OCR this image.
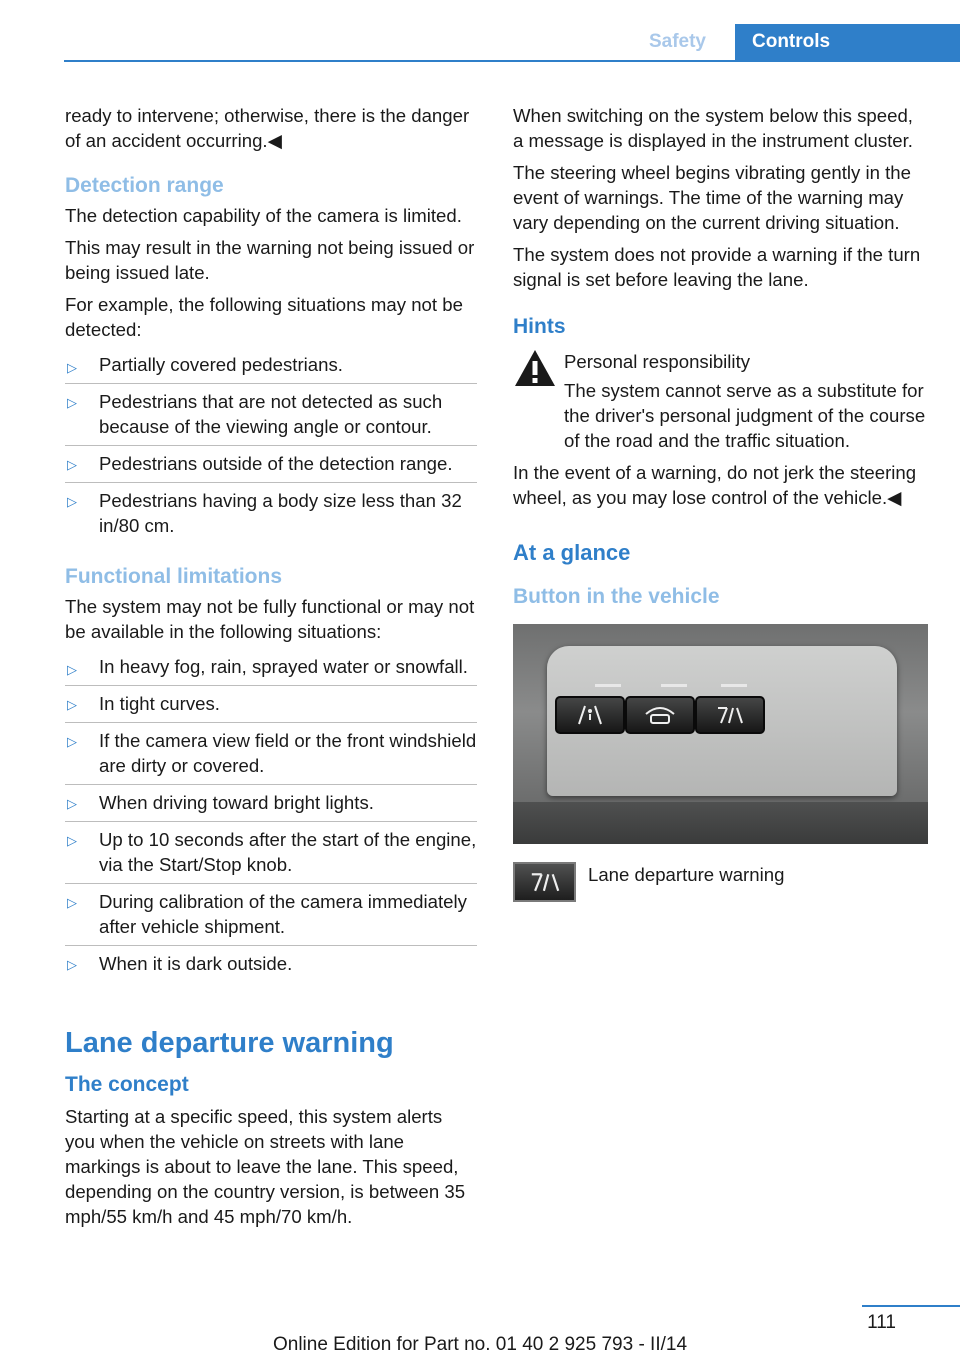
Safety	Controls

ready to intervene; otherwise, there is the danger of an accident occurring.◀

Detection range

The detection capability of the camera is limited.

This may result in the warning not being issued or being issued late.

For example, the following situations may not be detected:

▷ Partially covered pedestrians.
▷ Pedestrians that are not detected as such because of the viewing angle or contour.
▷ Pedestrians outside of the detection range.
▷ Pedestrians having a body size less than 32 in/80 cm.
Functional limitations

The system may not be fully functional or may not be available in the following situations:

▷ In heavy fog, rain, sprayed water or snowfall.
▷ In tight curves.
▷ If the camera view field or the front windshield are dirty or covered.
▷ When driving toward bright lights.
▷ Up to 10 seconds after the start of the engine, via the Start/Stop knob.
▷ During calibration of the camera immediately after vehicle shipment.
▷ When it is dark outside.
Lane departure warning
The concept

Starting at a specific speed, this system alerts you when the vehicle on streets with lane markings is about to leave the lane. This speed, depending on the country version, is between 35 mph/55 km/h and 45 mph/70 km/h.

When switching on the system below this speed, a message is displayed in the instrument cluster.

The steering wheel begins vibrating gently in the event of warnings. The time of the warning may vary depending on the current driving situation.

The system does not provide a warning if the turn signal is set before leaving the lane.

Hints
Personal responsibility
The system cannot serve as a substitute for the driver's personal judgment of the course of the road and the traffic situation.

In the event of a warning, do not jerk the steering wheel, as you may lose control of the vehicle.◀

At a glance
Button in the vehicle
Lane departure warning
111
Online Edition for Part no. 01 40 2 925 793 - II/14
